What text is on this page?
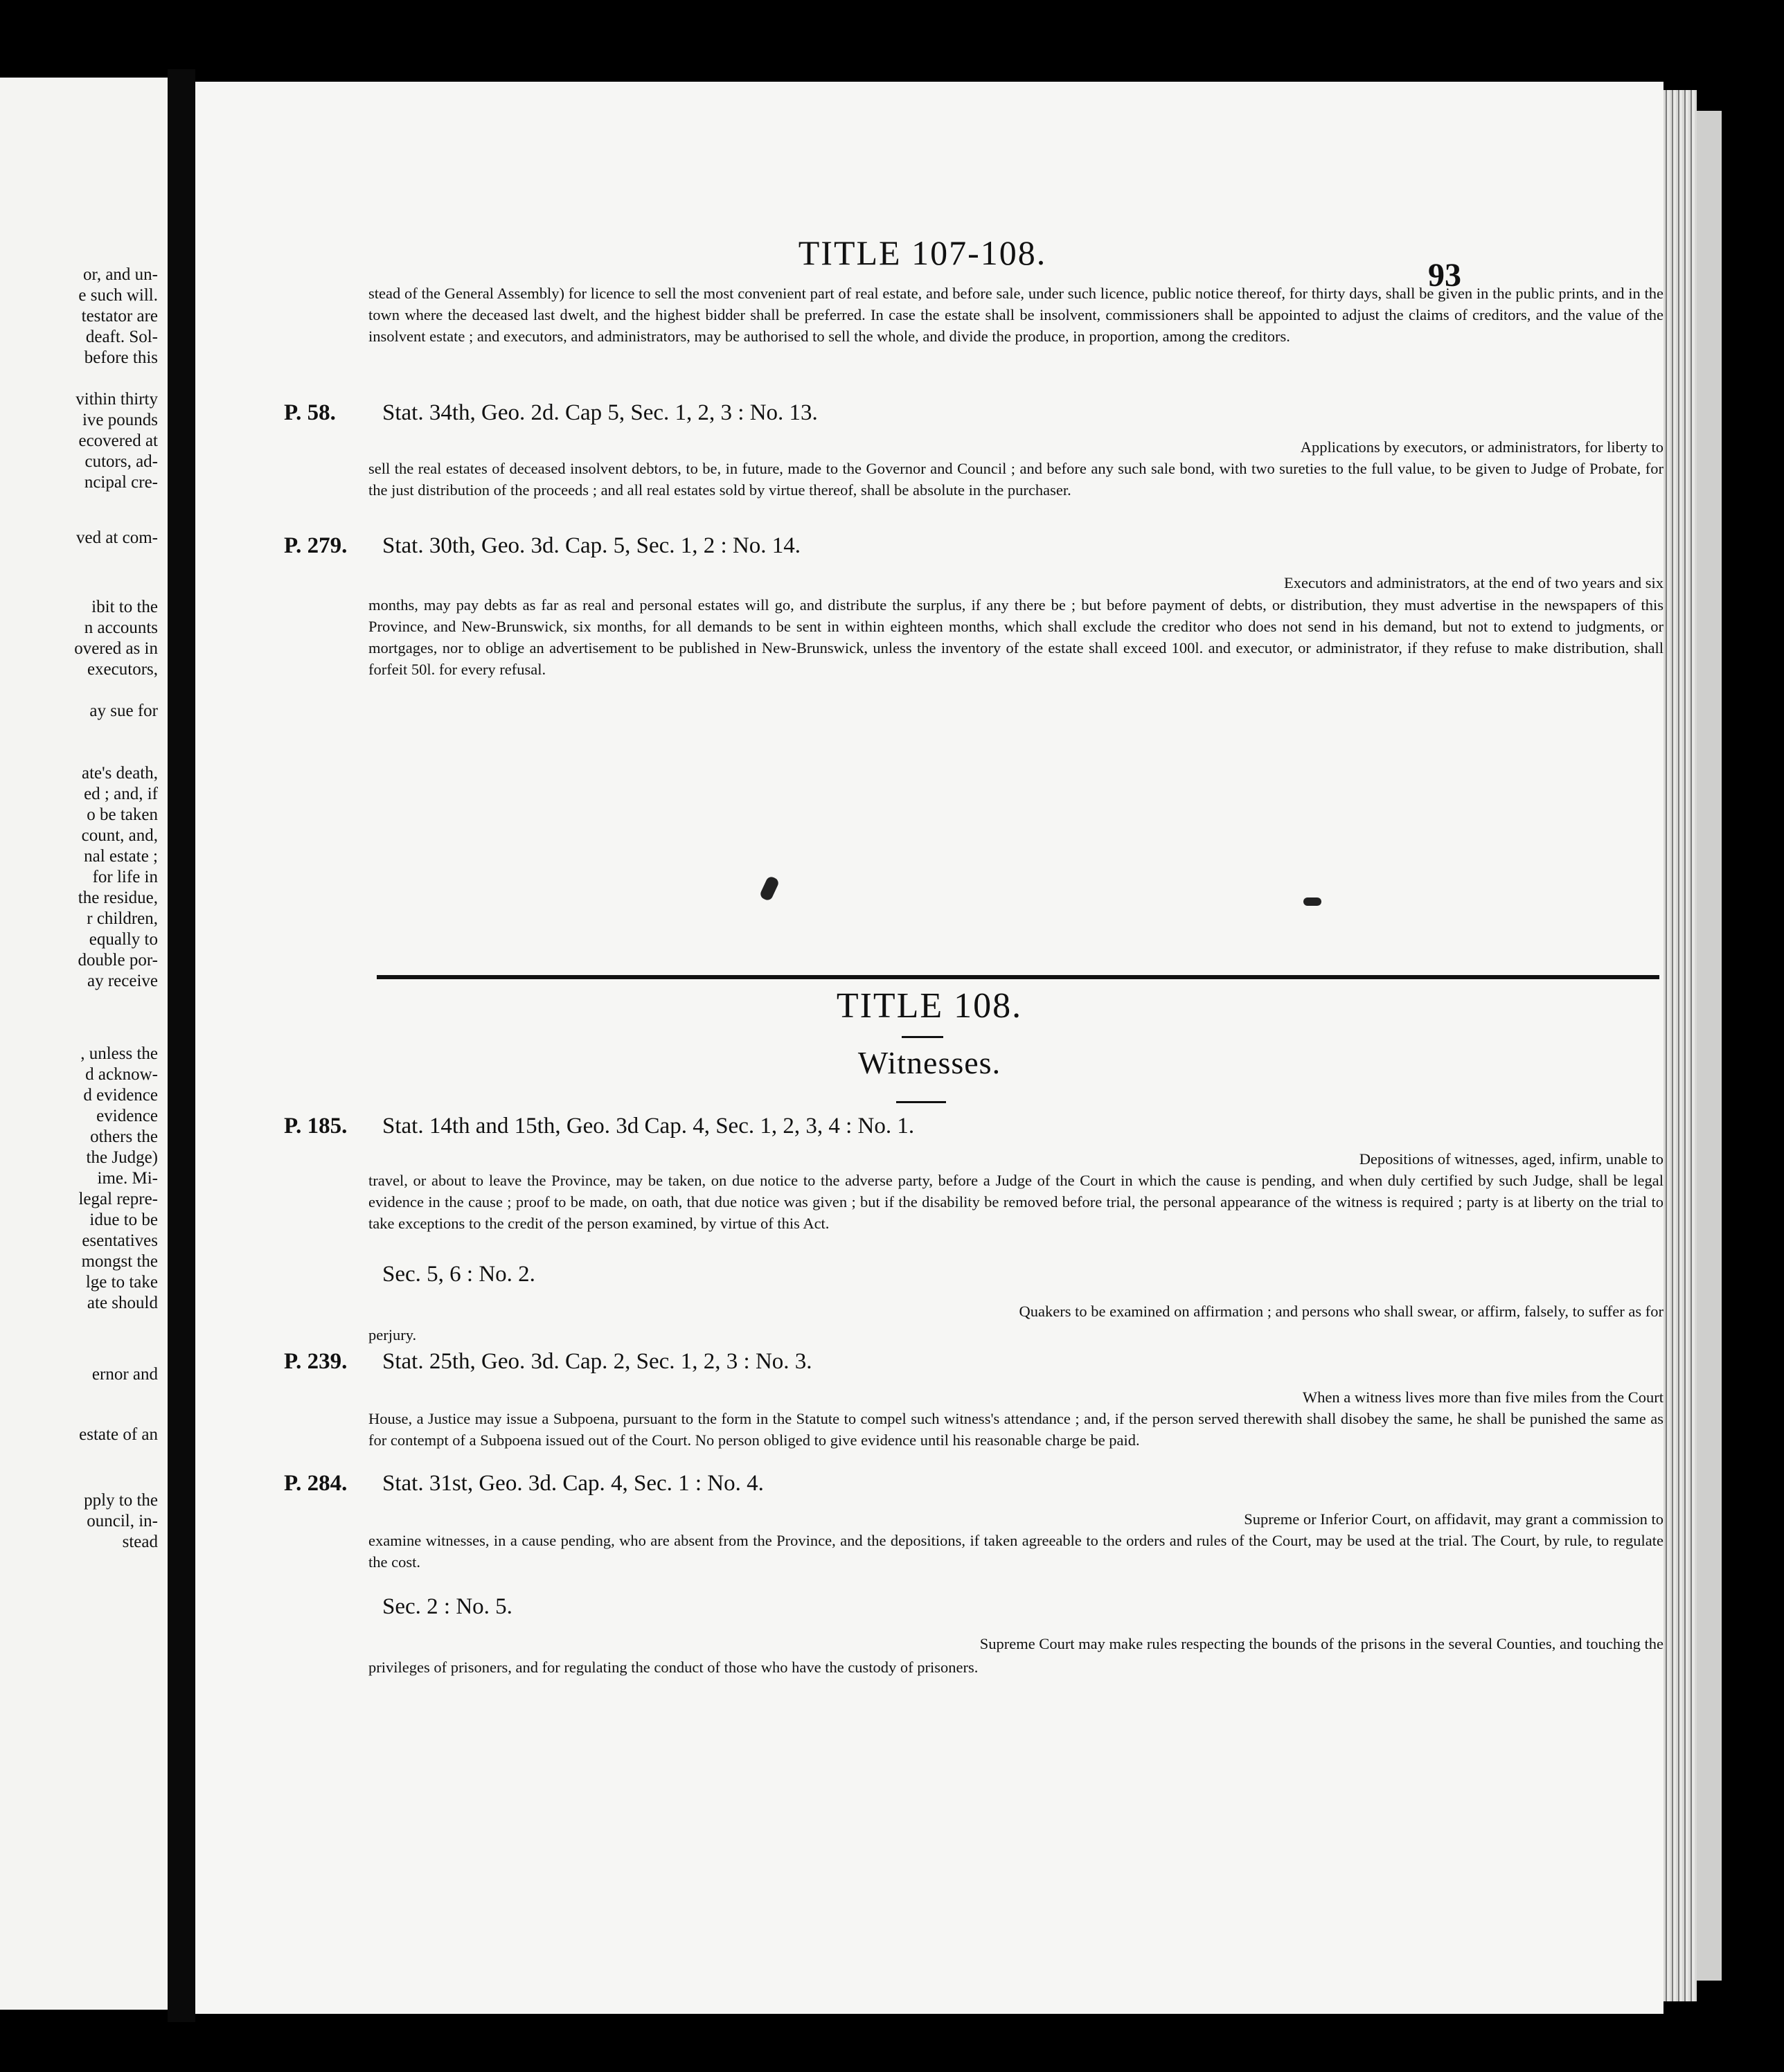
or, and un-
e such will.
testator are
deaft. Sol-
before this
vithin thirty
ive pounds
ecovered at
cutors, ad-
ncipal cre-
ved at com-
ibit to the
n accounts
overed as in
executors,
ay sue for
ate's death,
ed ; and, if
o be taken
count, and,
nal estate ;
for life in
the residue,
r children,
equally to
double por-
ay receive
, unless the
d acknow-
d evidence
evidence
others the
the Judge)
ime. Mi-
legal repre-
idue to be
esentatives
mongst the
lge to take
ate should
ernor and
estate of an
pply to the
ouncil, in-
stead
TITLE 107-108.
93
stead of the General Assembly) for licence to sell the most convenient part of real estate, and before sale, under such licence, public notice thereof, for thirty days, shall be given in the public prints, and in the town where the deceased last dwelt, and the highest bidder shall be preferred. In case the estate shall be insolvent, commissioners shall be appointed to adjust the claims of creditors, and the value of the insolvent estate ; and executors, and administrators, may be authorised to sell the whole, and divide the produce, in proportion, among the creditors.
P. 58. Stat. 34th, Geo. 2d. Cap 5, Sec. 1, 2, 3 : No. 13.
Applications by executors, or administrators, for liberty to
sell the real estates of deceased insolvent debtors, to be, in future, made to the Governor and Council ; and before any such sale bond, with two sureties to the full value, to be given to Judge of Probate, for the just distribution of the proceeds ; and all real estates sold by virtue thereof, shall be absolute in the purchaser.
P. 279. Stat. 30th, Geo. 3d. Cap. 5, Sec. 1, 2 : No. 14.
Executors and administrators, at the end of two years and six
months, may pay debts as far as real and personal estates will go, and distribute the surplus, if any there be ; but before payment of debts, or distribution, they must advertise in the newspapers of this Province, and New-Brunswick, six months, for all demands to be sent in within eighteen months, which shall exclude the creditor who does not send in his demand, but not to extend to judgments, or mortgages, nor to oblige an advertisement to be published in New-Brunswick, unless the inventory of the estate shall exceed 100l. and executor, or administrator, if they refuse to make distribution, shall forfeit 50l. for every refusal.
TITLE 108.
Witnesses.
P. 185. Stat. 14th and 15th, Geo. 3d Cap. 4, Sec. 1, 2, 3, 4 : No. 1.
Depositions of witnesses, aged, infirm, unable to
travel, or about to leave the Province, may be taken, on due notice to the adverse party, before a Judge of the Court in which the cause is pending, and when duly certified by such Judge, shall be legal evidence in the cause ; proof to be made, on oath, that due notice was given ; but if the disability be removed before trial, the personal appearance of the witness is required ; party is at liberty on the trial to take exceptions to the credit of the person examined, by virtue of this Act.
Sec. 5, 6 : No. 2.
Quakers to be examined on affirmation ; and persons who shall swear, or affirm, falsely, to suffer as for
perjury.
P. 239. Stat. 25th, Geo. 3d. Cap. 2, Sec. 1, 2, 3 : No. 3.
When a witness lives more than five miles from the Court
House, a Justice may issue a Subpoena, pursuant to the form in the Statute to compel such witness's attendance ; and, if the person served therewith shall disobey the same, he shall be punished the same as for contempt of a Subpoena issued out of the Court. No person obliged to give evidence until his reasonable charge be paid.
P. 284. Stat. 31st, Geo. 3d. Cap. 4, Sec. 1 : No. 4.
Supreme or Inferior Court, on affidavit, may grant a commission to
examine witnesses, in a cause pending, who are absent from the Province, and the depositions, if taken agreeable to the orders and rules of the Court, may be used at the trial. The Court, by rule, to regulate the cost.
Sec. 2 : No. 5.
Supreme Court may make rules respecting the bounds of the prisons in the several Counties, and touching the
privileges of prisoners, and for regulating the conduct of those who have the custody of prisoners.
